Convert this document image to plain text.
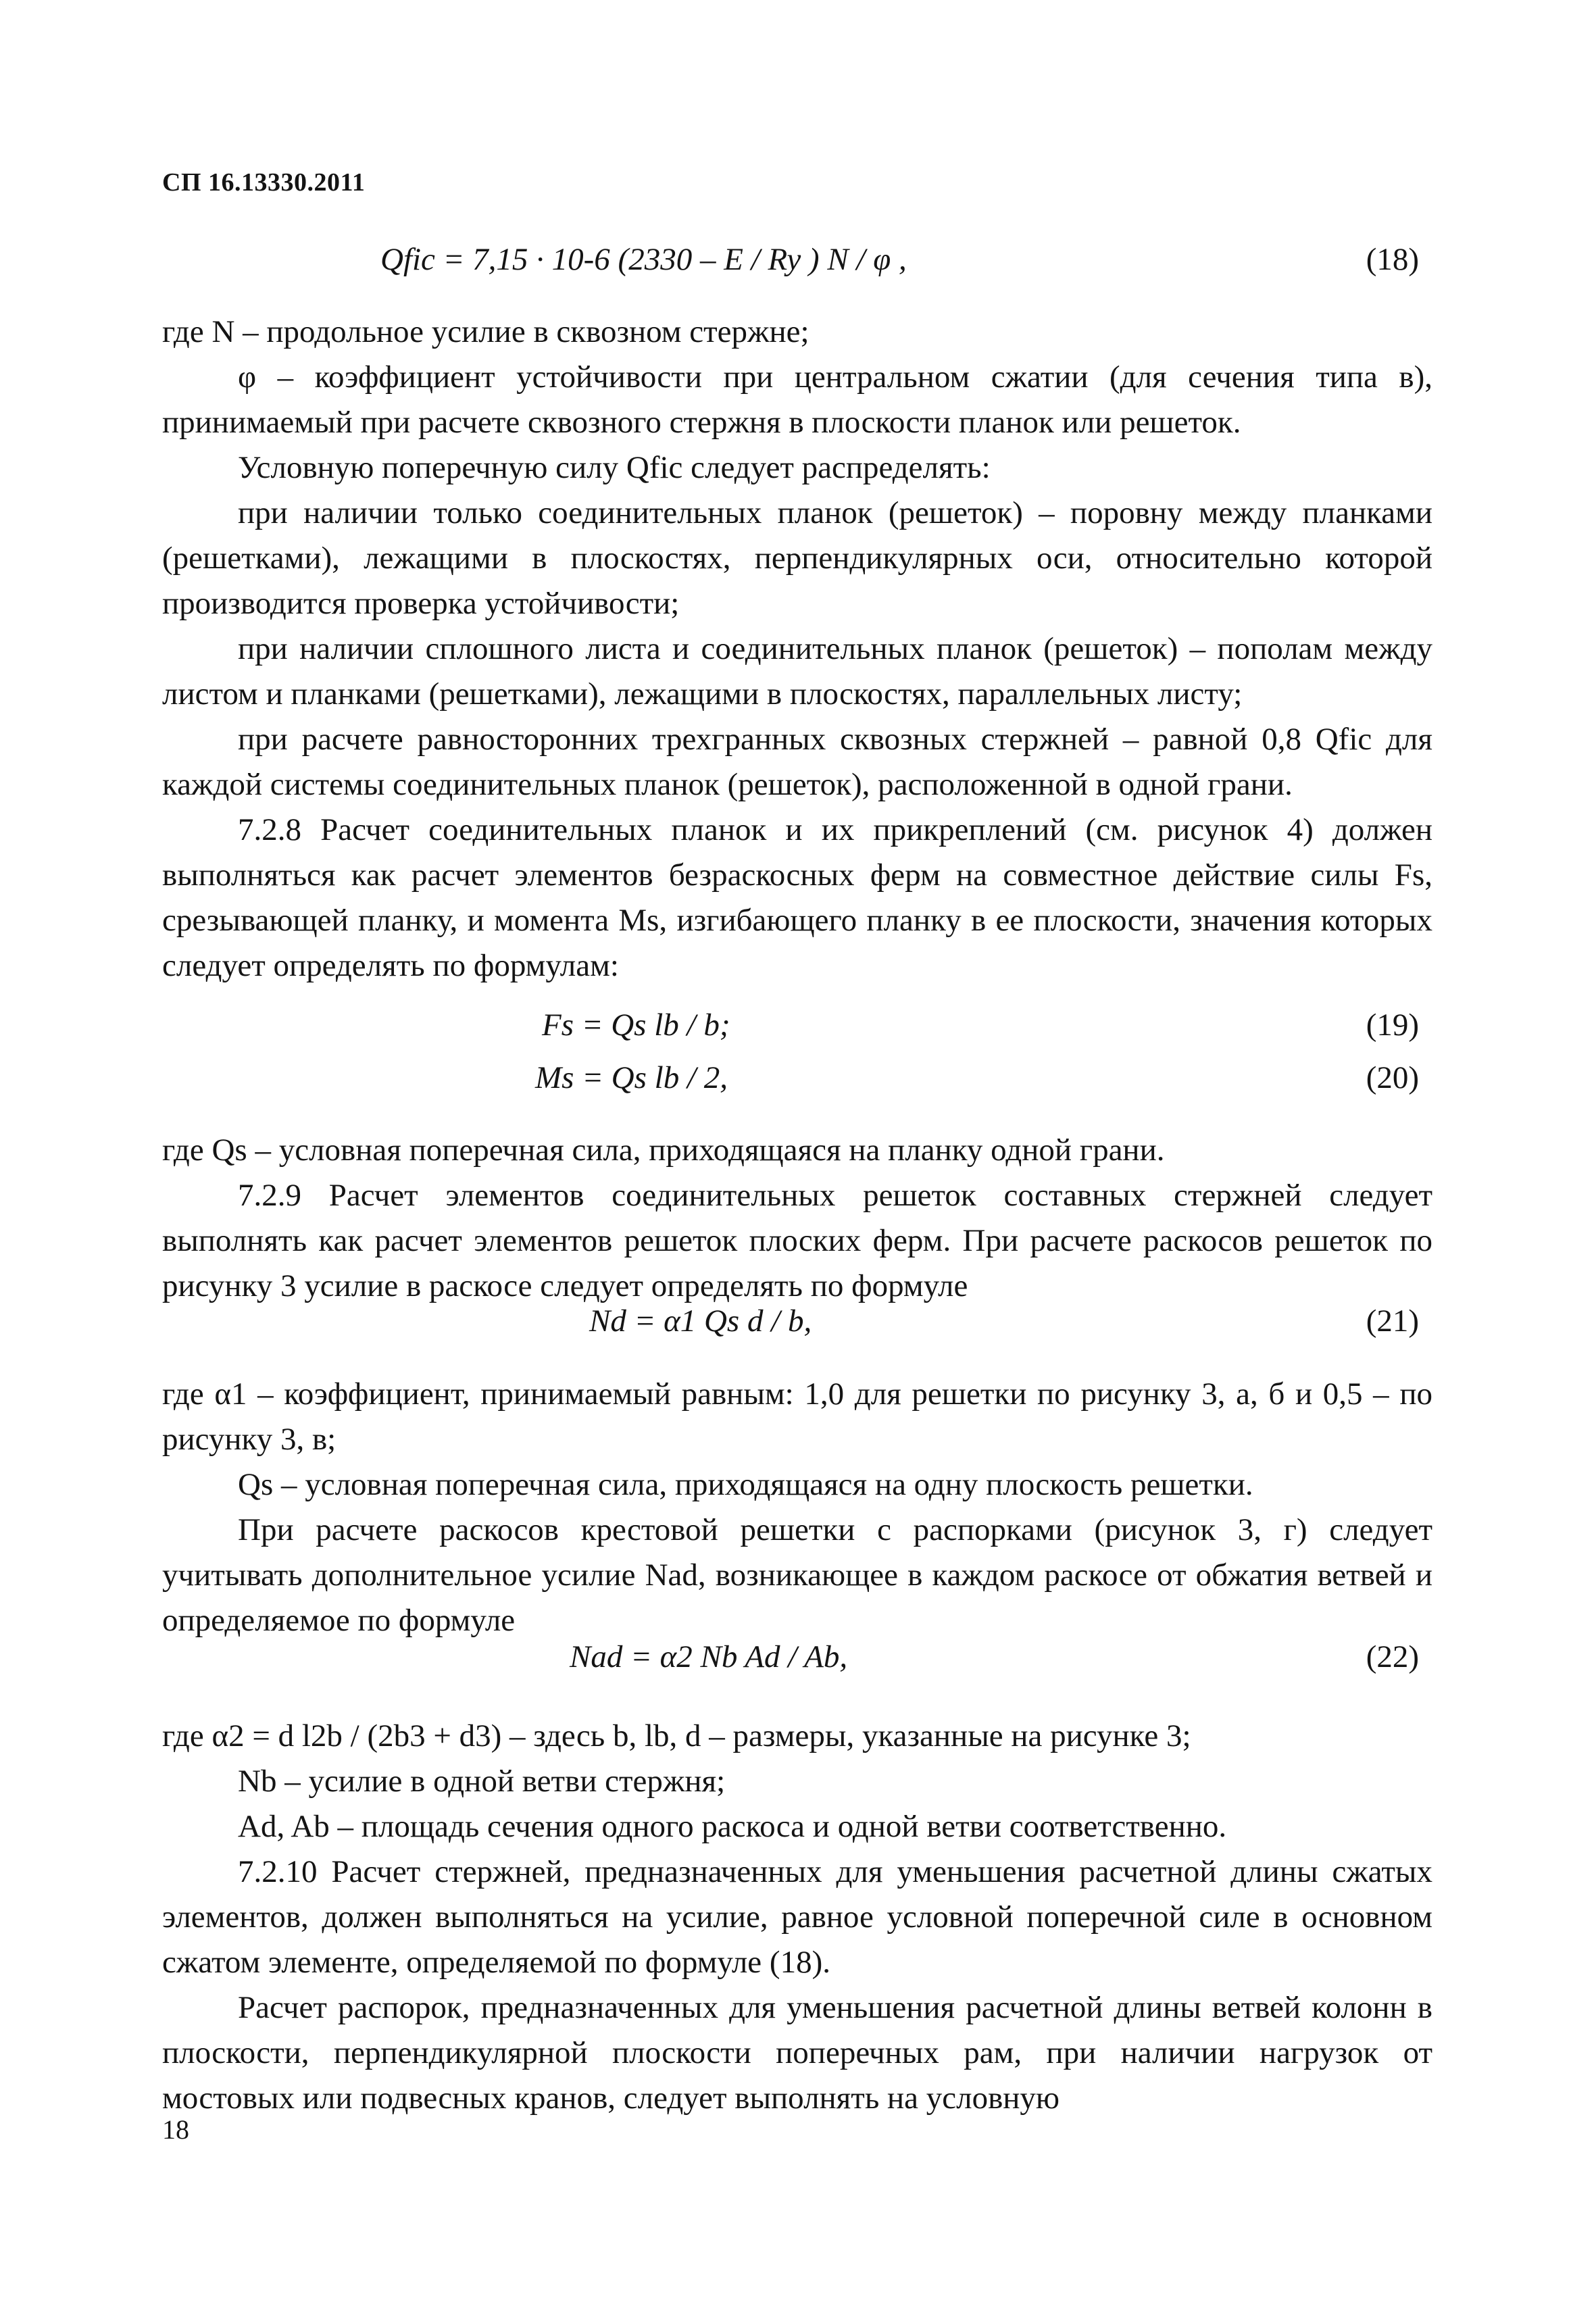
СП 16.13330.2011
Qfic = 7,15 · 10-6 (2330 – E / Ry ) N / φ ,	(18)

где N – продольное усилие в сквозном стержне;

φ – коэффициент устойчивости при центральном сжатии (для сечения типа в), принимаемый при расчете сквозного стержня в плоскости планок или решеток.

Условную поперечную силу Qfic следует распределять:

при наличии только соединительных планок (решеток) – поровну между планками (решетками), лежащими в плоскостях, перпендикулярных оси, относительно которой производится проверка устойчивости;

при наличии сплошного листа и соединительных планок (решеток) – пополам между листом и планками (решетками), лежащими в плоскостях, параллельных листу;

при расчете равносторонних трехгранных сквозных стержней – равной 0,8 Qfic для каждой системы соединительных планок (решеток), расположенной в одной грани.

7.2.8 Расчет соединительных планок и их прикреплений (см. рисунок 4) должен выполняться как расчет элементов безраскосных ферм на совместное действие силы Fs, срезывающей планку, и момента Ms, изгибающего планку в ее плоскости, значения которых следует определять по формулам:

Fs = Qs lb / b;	(19)
Ms = Qs lb / 2,	(20)

где Qs – условная поперечная сила, приходящаяся на планку одной грани.

7.2.9 Расчет элементов соединительных решеток составных стержней следует выполнять как расчет элементов решеток плоских ферм. При расчете раскосов решеток по рисунку 3 усилие в раскосе следует определять по формуле

Nd = α1 Qs d / b,	(21)

где α1 – коэффициент, принимаемый равным: 1,0 для решетки по рисунку 3, а, б и 0,5 – по рисунку 3, в;

Qs – условная поперечная сила, приходящаяся на одну плоскость решетки.

При расчете раскосов крестовой решетки с распорками (рисунок 3, г) следует учитывать дополнительное усилие Nad, возникающее в каждом раскосе от обжатия ветвей и определяемое по формуле

Nad = α2 Nb Ad / Ab,	(22)

где α2 = d l2b / (2b3 + d3) – здесь b, lb, d – размеры, указанные на рисунке 3;

Nb – усилие в одной ветви стержня;

Ad, Ab – площадь сечения одного раскоса и одной ветви соответственно.

7.2.10 Расчет стержней, предназначенных для уменьшения расчетной длины сжатых элементов, должен выполняться на усилие, равное условной поперечной силе в основном сжатом элементе, определяемой по формуле (18).

Расчет распорок, предназначенных для уменьшения расчетной длины ветвей колонн в плоскости, перпендикулярной плоскости поперечных рам, при наличии нагрузок от мостовых или подвесных кранов, следует выполнять на условную

18
